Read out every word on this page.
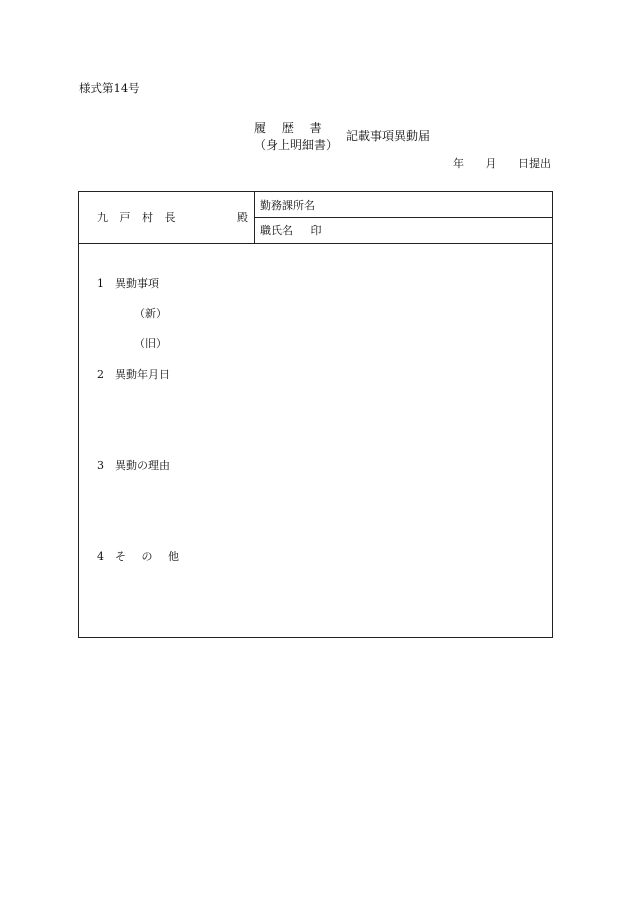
様式第14号
履 歴 書
（身上明細書）
記載事項異動届
年 月 日提出
九 戸 村 長	殿
勤務課所名
職氏名 印
1 異動事項
（新）
（旧）
2 異動年月日
3 異動の理由
4 そ の 他
